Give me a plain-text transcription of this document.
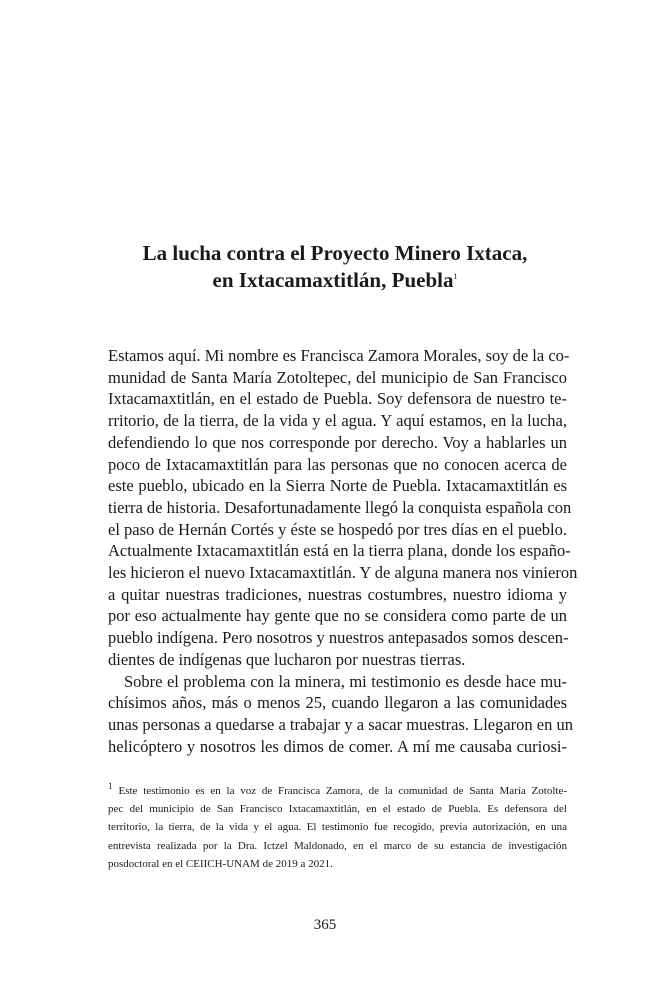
La lucha contra el Proyecto Minero Ixtaca,
en Ixtacamaxtitlán, Puebla$^1$
Estamos aquí. Mi nombre es Francisca Zamora Morales, soy de la co-
munidad de Santa María Zotoltepec, del municipio de San Francisco
Ixtacamaxtitlán, en el estado de Puebla. Soy defensora de nuestro te-
rritorio, de la tierra, de la vida y el agua. Y aquí estamos, en la lucha,
defendiendo lo que nos corresponde por derecho. Voy a hablarles un
poco de Ixtacamaxtitlán para las personas que no conocen acerca de
este pueblo, ubicado en la Sierra Norte de Puebla. Ixtacamaxtitlán es
tierra de historia. Desafortunadamente llegó la conquista española con
el paso de Hernán Cortés y éste se hospedó por tres días en el pueblo.
Actualmente Ixtacamaxtitlán está en la tierra plana, donde los españo-
les hicieron el nuevo Ixtacamaxtitlán. Y de alguna manera nos vinieron
a quitar nuestras tradiciones, nuestras costumbres, nuestro idioma y
por eso actualmente hay gente que no se considera como parte de un
pueblo indígena. Pero nosotros y nuestros antepasados somos descen-
dientes de indígenas que lucharon por nuestras tierras.
Sobre el problema con la minera, mi testimonio es desde hace mu-
chísimos años, más o menos 25, cuando llegaron a las comunidades
unas personas a quedarse a trabajar y a sacar muestras. Llegaron en un
helicóptero y nosotros les dimos de comer. A mí me causaba curiosi-
$^1$ Este testimonio es en la voz de Francisca Zamora, de la comunidad de Santa María Zotolte-
pec del municipio de San Francisco Ixtacamaxtitlán, en el estado de Puebla. Es defensora del
territorio, la tierra, de la vida y el agua. El testimonio fue recogido, previa autorización, en una
entrevista realizada por la Dra. Ictzel Maldonado, en el marco de su estancia de investigación
posdoctoral en el CEIICH-UNAM de 2019 a 2021.
365
